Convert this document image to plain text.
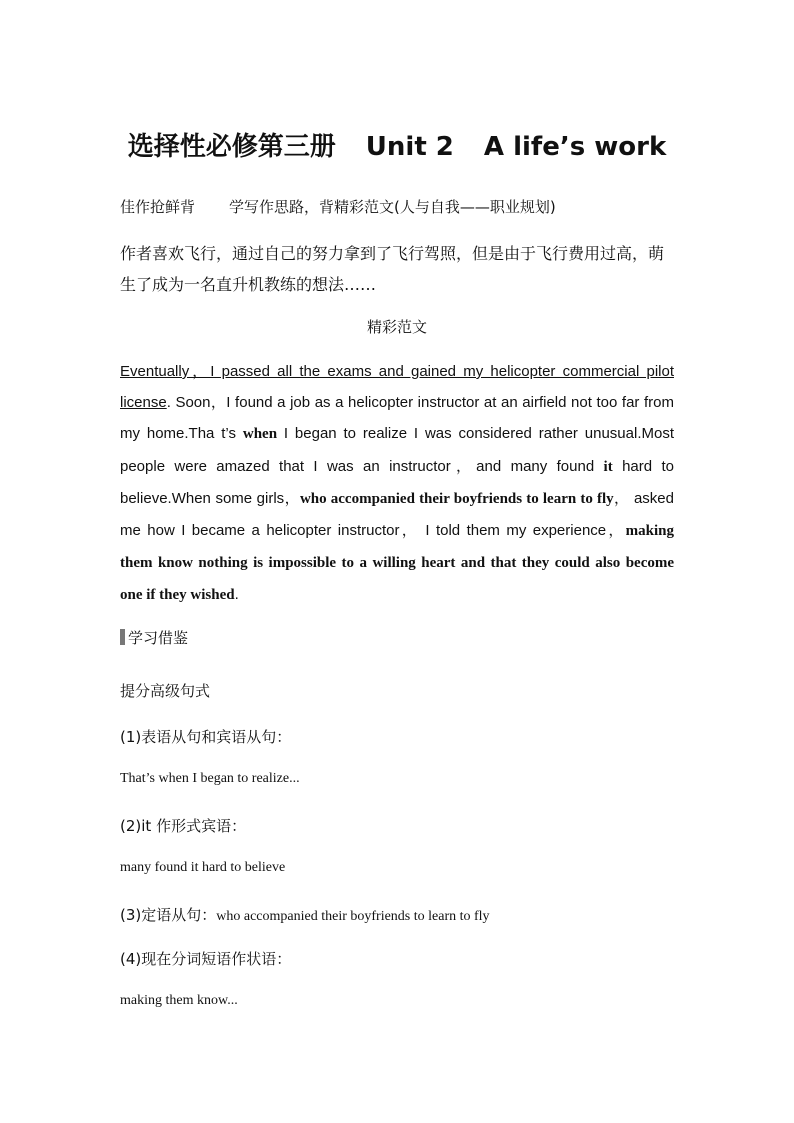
选择性必修第三册 Unit 2 A life’s work
佳作抢鲜背 学写作思路，背精彩范文(人与自我——职业规划)
作者喜欢飞行，通过自己的努力拿到了飞行驾照，但是由于飞行费用过高，萌生了成为一名直升机教练的想法……
精彩范文
Eventually，I passed all the exams and gained my helicopter commercial pilot license. Soon，I found a job as a helicopter instructor at an airfield not too far from my home.Tha t’s when I began to realize I was considered rather unusual.Most people were amazed that I was an instructor，and many found it hard to believe.When some girls，who accompanied their boyfriends to learn to fly， asked me how I became a helicopter instructor， I told them my experience，making them know nothing is impossible to a willing heart and that they could also become one if they wished.
学习借鉴
提分高级句式
(1)表语从句和宾语从句：
That’s when I began to realize...
(2)it 作形式宾语：
many found it hard to believe
(3)定语从句：who accompanied their boyfriends to learn to fly
(4)现在分词短语作状语：
making them know...
